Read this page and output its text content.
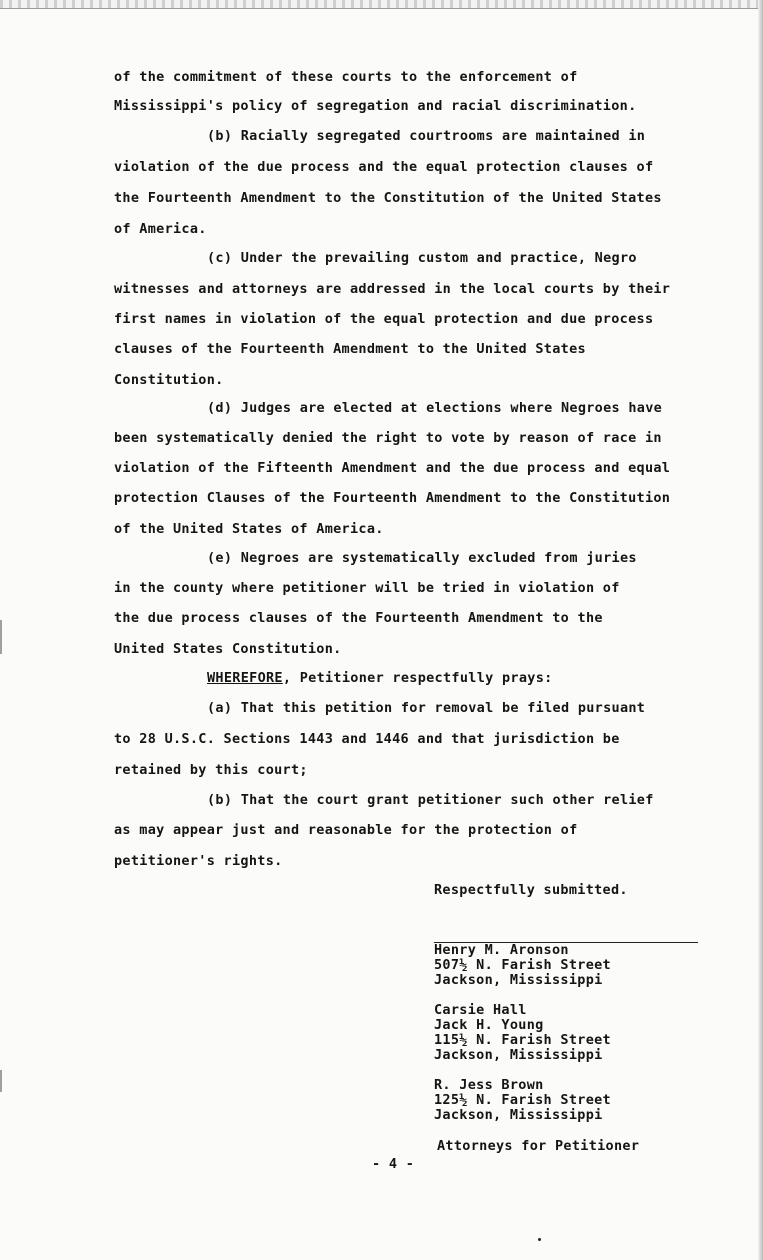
of the commitment of these courts to the enforcement of
Mississippi's policy of segregation and racial discrimination.
(b) Racially segregated courtrooms are maintained in
violation of the due process and the equal protection clauses of
the Fourteenth Amendment to the Constitution of the United States
of America.
(c) Under the prevailing custom and practice, Negro
witnesses and attorneys are addressed in the local courts by their
first names in violation of the equal protection and due process
clauses of the Fourteenth Amendment to the United States
Constitution.
(d) Judges are elected at elections where Negroes have
been systematically denied the right to vote by reason of race in
violation of the Fifteenth Amendment and the due process and equal
protection Clauses of the Fourteenth Amendment to the Constitution
of the United States of America.
(e) Negroes are systematically excluded from juries
in the county where petitioner will be tried in violation of
the due process clauses of the Fourteenth Amendment to the
United States Constitution.
WHEREFORE, Petitioner respectfully prays:
(a) That this petition for removal be filed pursuant
to 28 U.S.C. Sections 1443 and 1446 and that jurisdiction be
retained by this court;
(b) That the court grant petitioner such other relief
as may appear just and reasonable for the protection of
petitioner's rights.
Respectfully submitted.
Henry M. Aronson
507½ N. Farish Street
Jackson, Mississippi
Carsie Hall
Jack H. Young
115½ N. Farish Street
Jackson, Mississippi
R. Jess Brown
125½ N. Farish Street
Jackson, Mississippi
Attorneys for Petitioner
- 4 -
